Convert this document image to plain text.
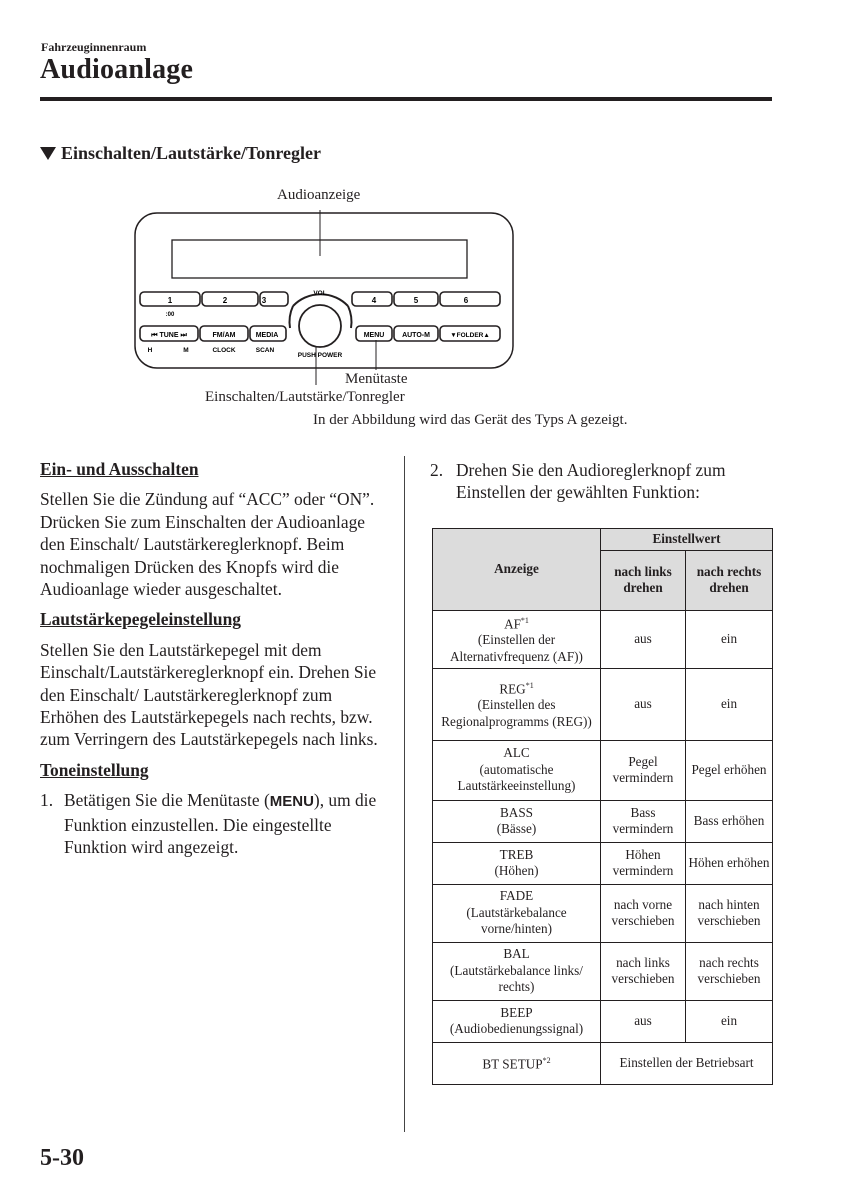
Fahrzeuginnenraum
Audioanlage
Einschalten/Lautstärke/Tonregler
Audioanzeige
1	2	3
:00
4	5	6
⏮ TUNE ⏭	FM/AM	MEDIA
H	M	CLOCK	SCAN
MENU	AUTO-M	▼FOLDER▲
VOL
PUSH POWER
Menütaste
Einschalten/Lautstärke/Tonregler
In der Abbildung wird das Gerät des Typs A gezeigt.
Ein- und Ausschalten

Stellen Sie die Zündung auf “ACC” oder “ON”. Drücken Sie zum Einschalten der Audioanlage den Einschalt/ Lautstärkereglerknopf. Beim nochmaligen Drücken des Knopfs wird die Audioanlage wieder ausgeschaltet.

Lautstärkepegeleinstellung

Stellen Sie den Lautstärkepegel mit dem Einschalt/Lautstärkereglerknopf ein. Drehen Sie den Einschalt/ Lautstärkereglerknopf zum Erhöhen des Lautstärkepegels nach rechts, bzw. zum Verringern des Lautstärkepegels nach links.

Toneinstellung
1. Betätigen Sie die Menütaste (MENU), um die Funktion einzustellen. Die eingestellte Funktion wird angezeigt.
2. Drehen Sie den Audioreglerknopf zum Einstellen der gewählten Funktion:
Anzeige	Einstellwert	
	nach links drehen	nach rechts drehen
AF$^{*1}$
(Einstellen der Alternativfrequenz (AF))	aus	ein
REG$^{*1}$
(Einstellen des Regionalprogramms (REG))	aus	ein
ALC
(automatische Lautstärkeeinstellung)	Pegel vermindern	Pegel erhöhen
BASS
(Bässe)	Bass vermindern	Bass erhöhen
TREB
(Höhen)	Höhen vermindern	Höhen erhöhen
FADE
(Lautstärkebalance vorne/hinten)	nach vorne verschieben	nach hinten verschieben
BAL
(Lautstärkebalance links/ rechts)	nach links verschieben	nach rechts verschieben
BEEP
(Audiobedienungssignal)	aus	ein
BT SETUP$^{*2}$	Einstellen der Betriebsart	
5-30
